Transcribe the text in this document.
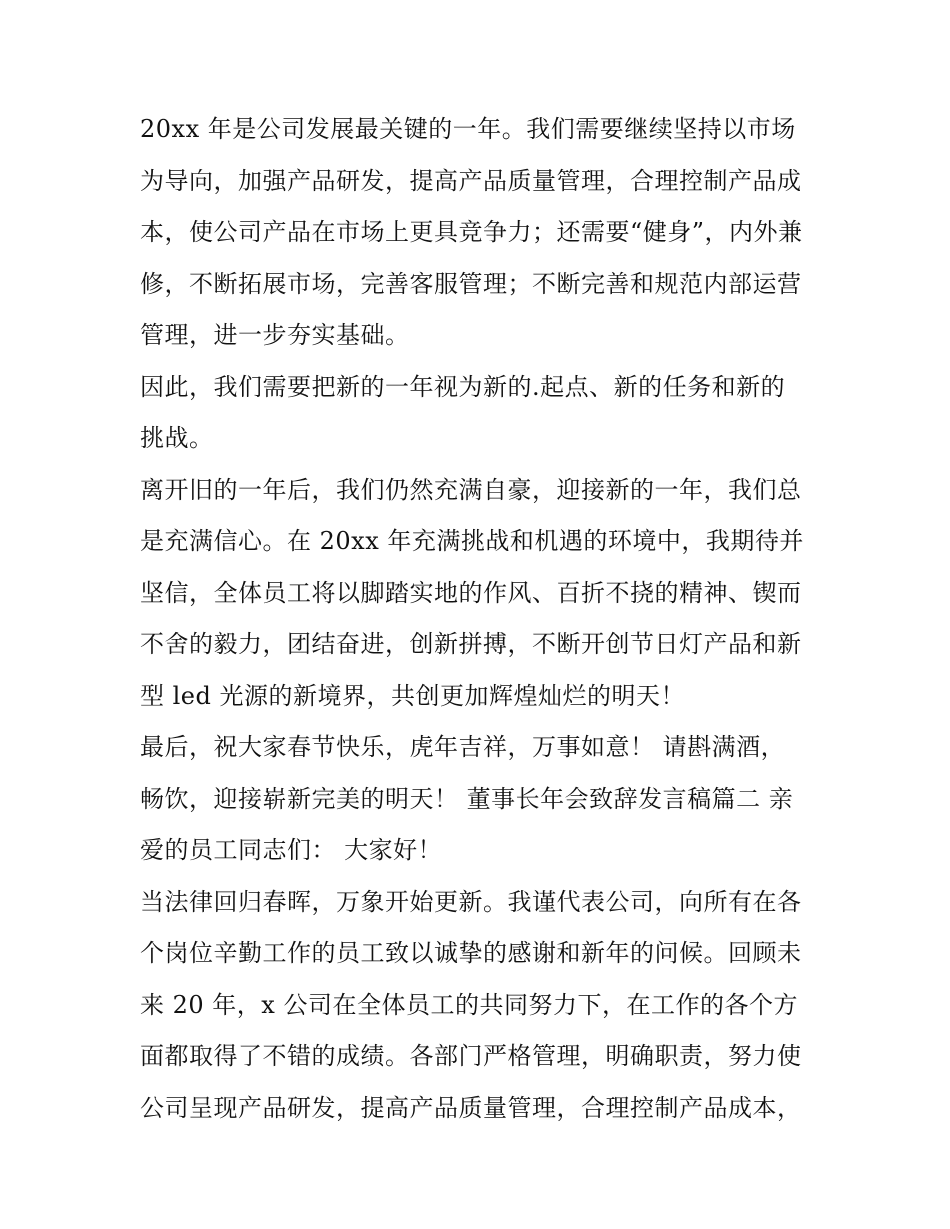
20xx 年是公司发展最关键的一年。我们需要继续坚持以市场
为导向，加强产品研发，提高产品质量管理，合理控制产品成
本，使公司产品在市场上更具竞争力；还需要“健身”，内外兼
修，不断拓展市场，完善客服管理；不断完善和规范内部运营
管理，进一步夯实基础。
因此，我们需要把新的一年视为新的.起点、新的任务和新的
挑战。
离开旧的一年后，我们仍然充满自豪，迎接新的一年，我们总
是充满信心。在 20xx 年充满挑战和机遇的环境中，我期待并
坚信，全体员工将以脚踏实地的作风、百折不挠的精神、锲而
不舍的毅力，团结奋进，创新拼搏，不断开创节日灯产品和新
型 led 光源的新境界，共创更加辉煌灿烂的明天！
最后，祝大家春节快乐，虎年吉祥，万事如意！ 请斟满酒，
畅饮，迎接崭新完美的明天！ 董事长年会致辞发言稿篇二 亲
爱的员工同志们： 大家好！
当法律回归春晖，万象开始更新。我谨代表公司，向所有在各
个岗位辛勤工作的员工致以诚挚的感谢和新年的问候。回顾未
来 20 年，x 公司在全体员工的共同努力下，在工作的各个方
面都取得了不错的成绩。各部门严格管理，明确职责，努力使
公司呈现产品研发，提高产品质量管理，合理控制产品成本，
